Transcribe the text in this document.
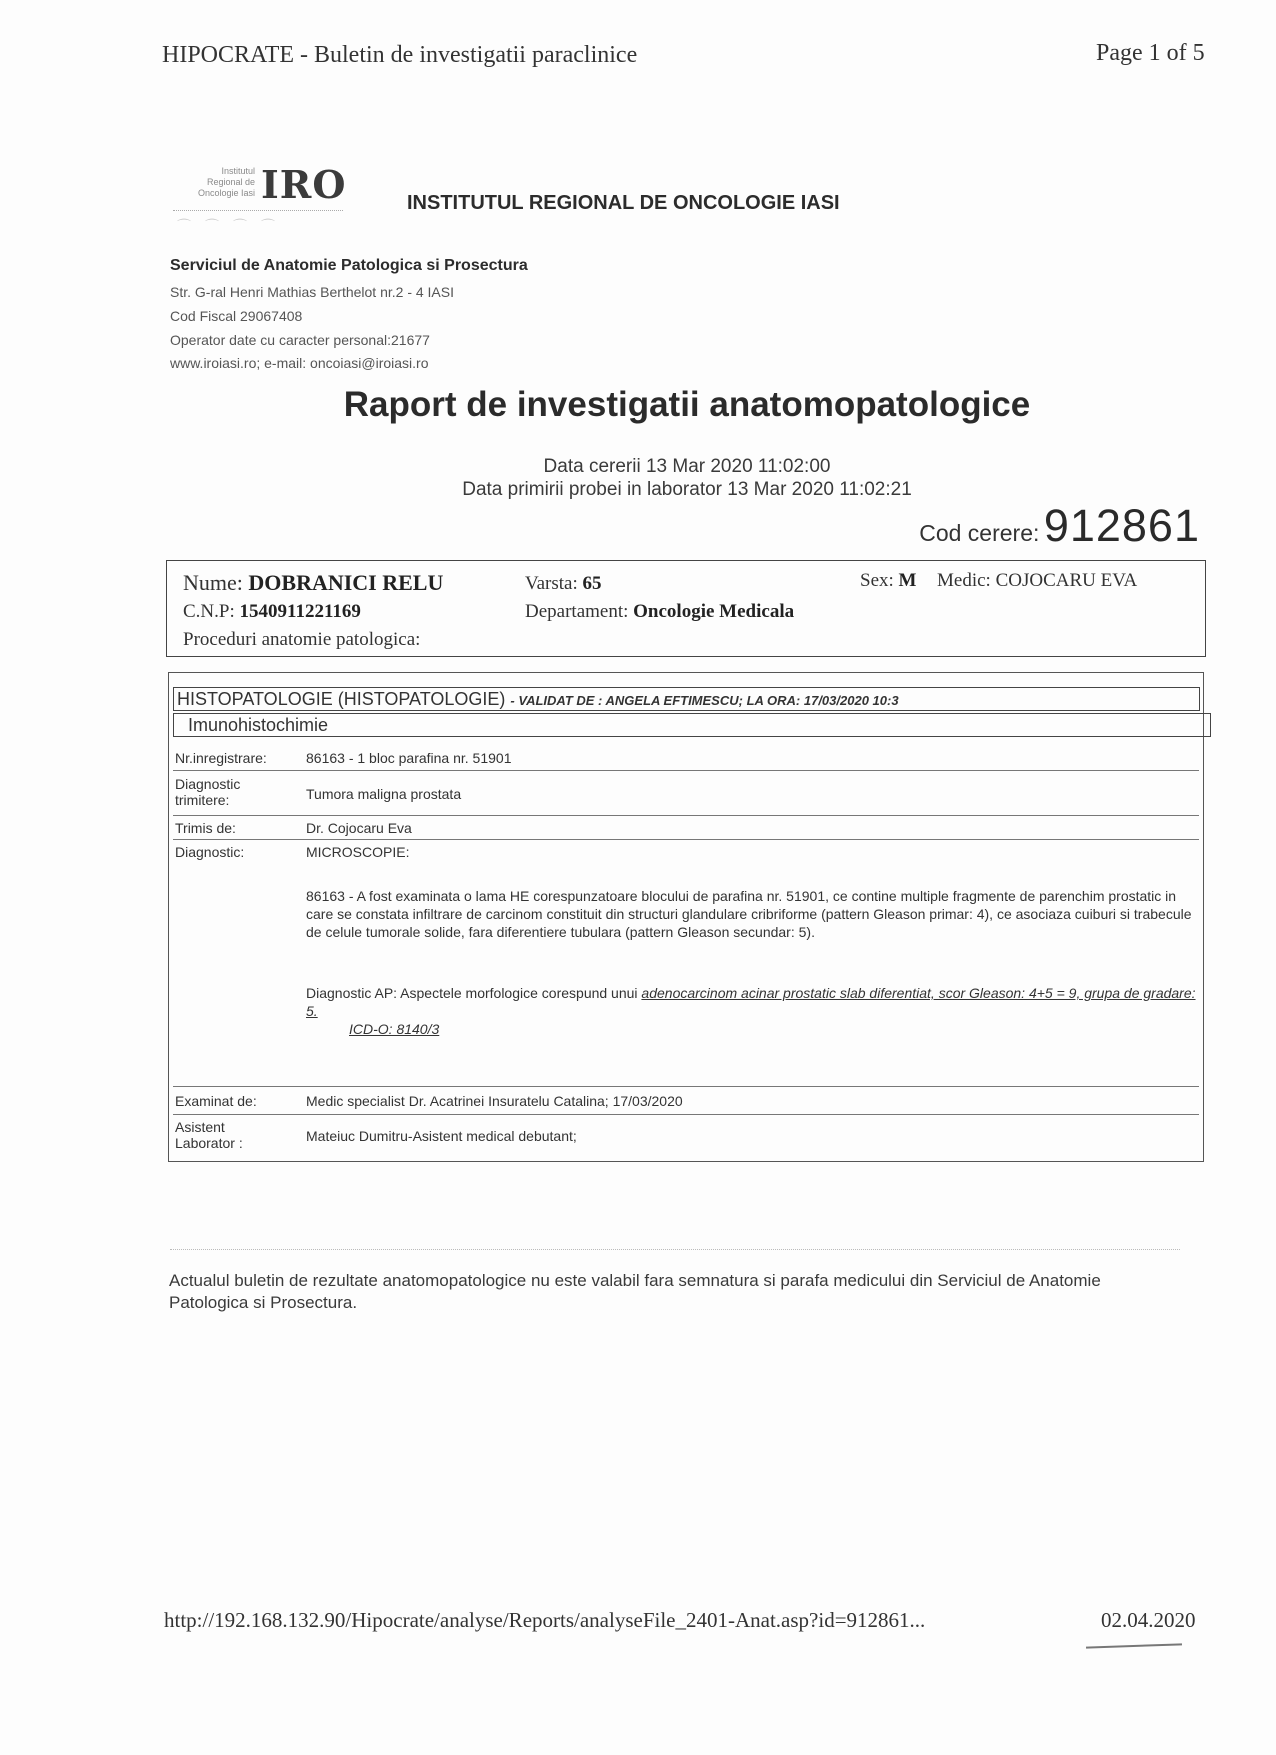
HIPOCRATE - Buletin de investigatii paraclinice	Page 1 of 5
Institutul
Regional de
Oncologie Iasi IRO
⌒⌒⌒⌒
INSTITUTUL REGIONAL DE ONCOLOGIE IASI
Serviciul de Anatomie Patologica si Prosectura
Str. G-ral Henri Mathias Berthelot nr.2 - 4 IASI
Cod Fiscal 29067408
Operator date cu caracter personal:21677
www.iroiasi.ro; e-mail: oncoiasi@iroiasi.ro
Raport de investigatii anatomopatologice
Data cererii 13 Mar 2020 11:02:00
Data primirii probei in laborator 13 Mar 2020 11:02:21
Cod cerere: 912861
Nume: DOBRANICI RELU	Varsta: 65	Sex: M Medic: COJOCARU EVA
C.N.P: 1540911221169	Departament: Oncologie Medicala
Proceduri anatomie patologica:
HISTOPATOLOGIE (HISTOPATOLOGIE) - VALIDAT DE : ANGELA EFTIMESCU; LA ORA: 17/03/2020 10:3
Imunohistochimie
Nr.inregistrare:	86163 - 1 bloc parafina nr. 51901
Diagnostic
trimitere:	Tumora maligna prostata
Trimis de:	Dr. Cojocaru Eva
Diagnostic:	MICROSCOPIE:
86163 - A fost examinata o lama HE corespunzatoare blocului de parafina nr. 51901, ce contine multiple fragmente de parenchim prostatic in care se constata infiltrare de carcinom constituit din structuri glandulare cribriforme (pattern Gleason primar: 4), ce asociaza cuiburi si trabecule de celule tumorale solide, fara diferentiere tubulara (pattern Gleason secundar: 5).
Diagnostic AP: Aspectele morfologice corespund unui adenocarcinom acinar prostatic slab diferentiat, scor Gleason: 4+5 = 9, grupa de gradare: 5.
ICD-O: 8140/3
Examinat de:	Medic specialist Dr. Acatrinei Insuratelu Catalina; 17/03/2020
Asistent
Laborator :	Mateiuc Dumitru-Asistent medical debutant;
Actualul buletin de rezultate anatomopatologice nu este valabil fara semnatura si parafa medicului din Serviciul de Anatomie Patologica si Prosectura.
http://192.168.132.90/Hipocrate/analyse/Reports/analyseFile_2401-Anat.asp?id=912861...	02.04.2020
